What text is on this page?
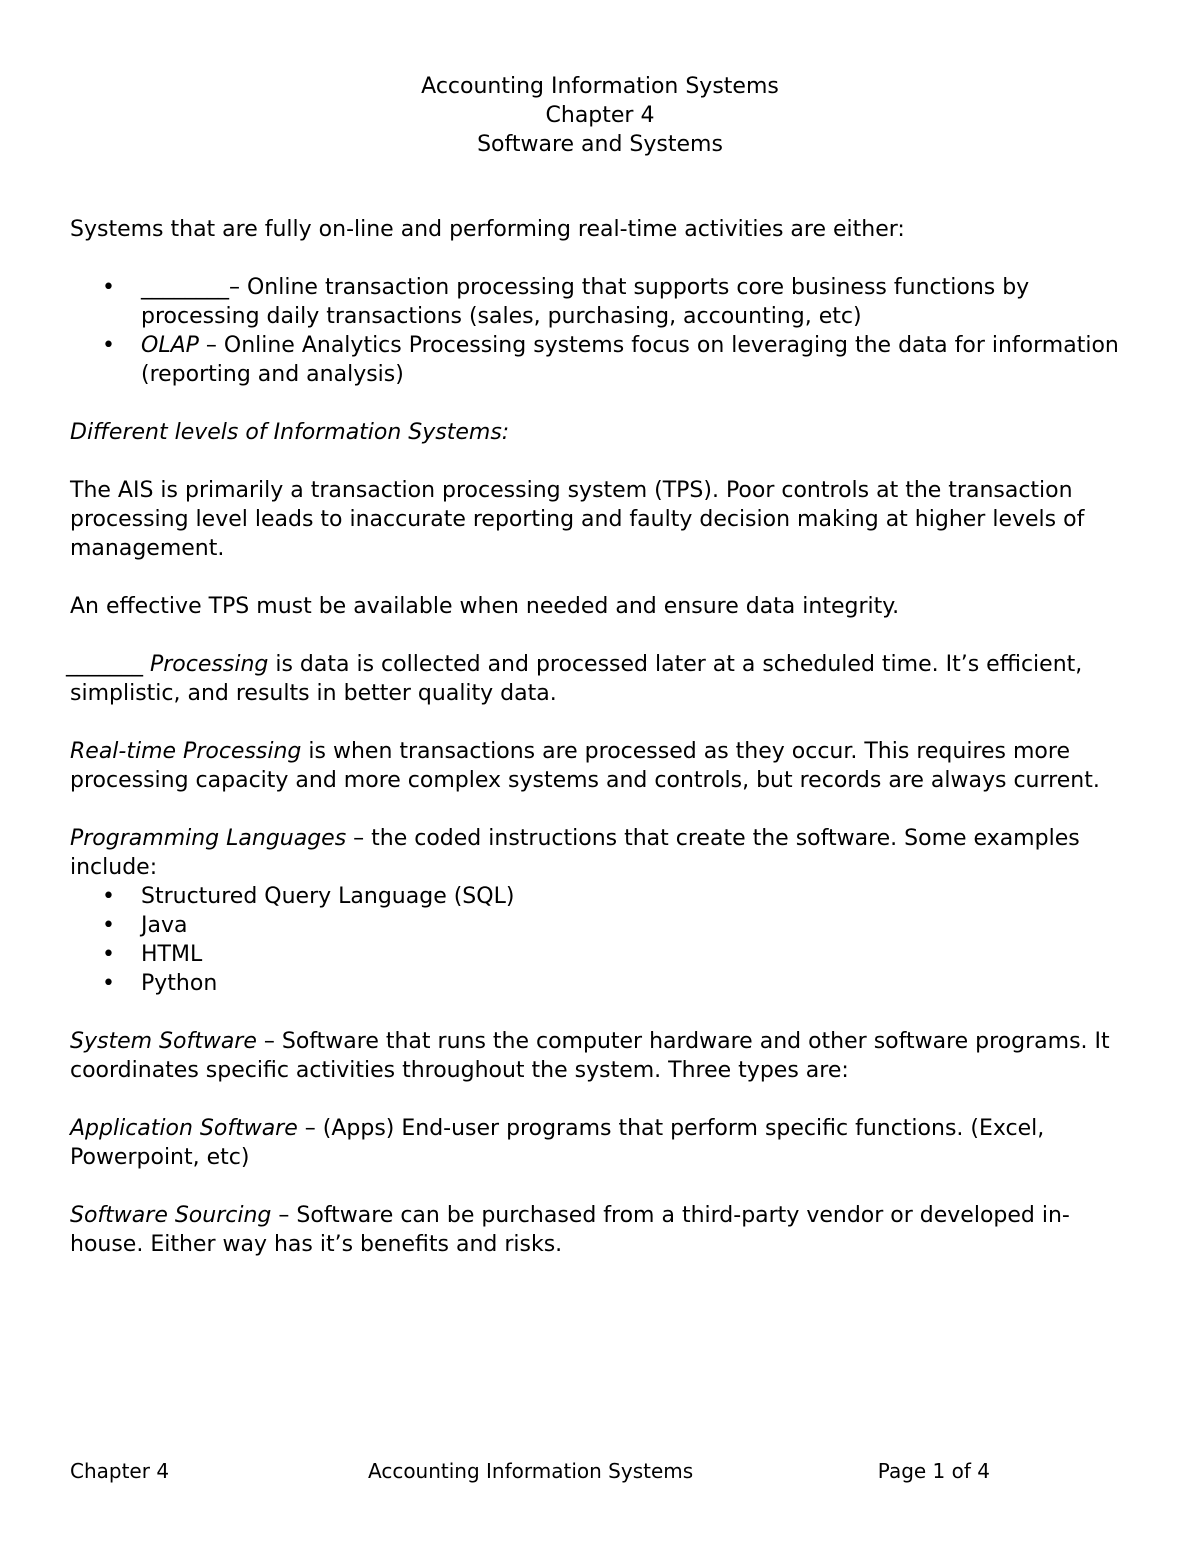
Accounting Information Systems
Chapter 4
Software and Systems

Systems that are fully on-line and performing real-time activities are either:

• ________– Online transaction processing that supports core business functions by processing daily transactions (sales, purchasing, accounting, etc)
• OLAP – Online Analytics Processing systems focus on leveraging the data for information (reporting and analysis)

Different levels of Information Systems:

The AIS is primarily a transaction processing system (TPS). Poor controls at the transaction processing level leads to inaccurate reporting and faulty decision making at higher levels of management.

An effective TPS must be available when needed and ensure data integrity.

_______ Processing is data is collected and processed later at a scheduled time. It’s efficient, simplistic, and results in better quality data.

Real-time Processing is when transactions are processed as they occur. This requires more processing capacity and more complex systems and controls, but records are always current.

Programming Languages – the coded instructions that create the software. Some examples include:

• Structured Query Language (SQL)
• Java
• HTML
• Python

System Software – Software that runs the computer hardware and other software programs. It coordinates specific activities throughout the system. Three types are:

Application Software – (Apps) End-user programs that perform specific functions. (Excel, Powerpoint, etc)

Software Sourcing – Software can be purchased from a third-party vendor or developed in-house. Either way has it’s benefits and risks.

Chapter 4	Accounting Information Systems	Page 1 of 4
